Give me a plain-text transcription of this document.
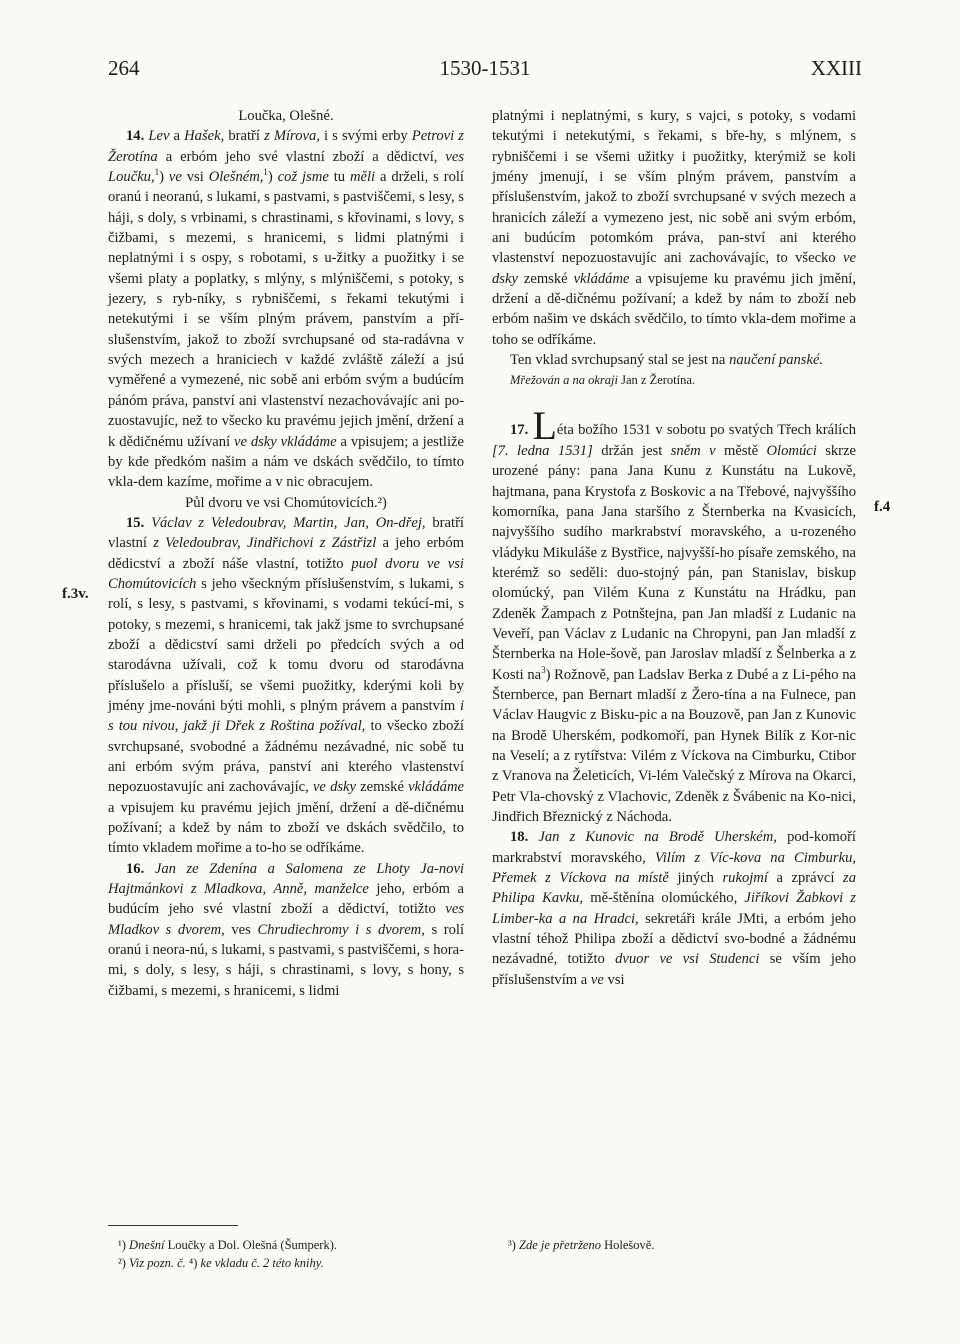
264	1530-1531	XXIII

Loučka, Olešné.

14. Lev a Hašek, bratří z Mírova, i s svými erby Petrovi z Žerotína a erbóm jeho své vlastní zboží a dědictví, ves Loučku,$^1$) ve vsi Olešném,$^1$) což jsme tu měli a drželi, s rolí oranú i neoranú, s lukami, s pastvami, s pastviščemi, s lesy, s háji, s doly, s vrbinami, s chrastinami, s křovinami, s lovy, s čižbami, s mezemi, s hranicemi, s lidmi platnými i neplatnými i s ospy, s robotami, s u-žitky a puožitky i se všemi platy a poplatky, s mlýny, s mlýniščemi, s potoky, s jezery, s ryb-níky, s rybniščemi, s řekami tekutými i netekutými i se vším plným právem, panstvím a pří-slušenstvím, jakož to zboží svrchupsané od sta-radávna v svých mezech a hraniciech v každé zvláště záleží a jsú vyměřené a vymezené, nic sobě ani erbóm svým a budúcím pánóm práva, panství ani vlastenství nezachovávajíc ani po-zuostavujíc, než to všecko ku pravému jejich jmění, držení a k dědičnému užívaní ve dsky vkládáme a vpisujem; a jestliže by kde předkóm našim a nám ve dskách svědčilo, to tímto vkla-dem kazíme, mořime a v nic obracujem.

Půl dvoru ve vsi Chomútovicích.²)

15. Václav z Veledoubrav, Martin, Jan, On-dřej, bratří vlastní z Veledoubrav, Jindřichovi z Zástřizl a jeho erbóm dědicství a zboží náše vlastní, totižto puol dvoru ve vsi Chomútovicích s jeho všeckným příslušenstvím, s lukami, s rolí, s lesy, s pastvami, s křovinami, s vodami tekúcí-mi, s potoky, s mezemi, s hranicemi, tak jakž jsme to svrchupsané zboží a dědicství sami drželi po předcích svých a od starodávna užívali, což k tomu dvoru od starodávna příslušelo a přísluší, se všemi puožitky, kderými koli by jmény jme-nováni býti mohli, s plným právem a panstvím i s tou nivou, jakž ji Dřek z Roština požíval, to všecko zboží svrchupsané, svobodné a žádnému nezávadné, nic sobě tu ani erbóm svým práva, panství ani kterého vlastenství nepozuostavujíc ani zachovávajíc, ve dsky zemské vkládáme a vpisujem ku pravému jejich jmění, držení a dě-dičnému požívaní; a kdež by nám to zboží ve dskách svědčilo, to tímto vkladem mořime a to-ho se odříkáme.

16. Jan ze Zdenína a Salomena ze Lhoty Ja-novi Hajtmánkovi z Mladkova, Anně, manželce jeho, erbóm a budúcím jeho své vlastní zboží a dědictví, totižto ves Mladkov s dvorem, ves Chrudiechromy i s dvorem, s rolí oranú i neora-nú, s lukami, s pastvami, s pastviščemi, s hora-mi, s doly, s lesy, s háji, s chrastinami, s lovy, s hony, s čižbami, s mezemi, s hranicemi, s lidmi

platnými i neplatnými, s kury, s vajci, s potoky, s vodami tekutými i netekutými, s řekami, s bře-hy, s mlýnem, s rybniščemi i se všemi užitky i puožitky, kterýmiž se koli jmény jmenují, i se vším plným právem, panstvím a příslušenstvím, jakož to zboží svrchupsané v svých mezech a hranicích záleží a vymezeno jest, nic sobě ani svým erbóm, ani budúcím potomkóm práva, pan-ství ani kterého vlastenství nepozuostavujíc ani zachovávajíc, to všecko ve dsky zemské vkládáme a vpisujeme ku pravému jich jmění, držení a dě-dičnému požívaní; a kdež by nám to zboží neb erbóm našim ve dskách svědčilo, to tímto vkla-dem mořime a toho se odříkáme.

Ten vklad svrchupsaný stal se jest na naučení panské.

Mřežován a na okraji Jan z Žerotína.

17. Léta božího 1531 v sobotu po svatých Třech králích [7. ledna 1531] držán jest sněm v městě Olomúci skrze urozené pány: pana Jana Kunu z Kunstátu na Lukově, hajtmana, pana Krystofa z Boskovic a na Třebové, najvyššího komorníka, pana Jana staršího z Šternberka na Kvasicích, najvyššího sudího markrabství moravského, a u-rozeného vládyku Mikuláše z Bystřice, najvyšší-ho písaře zemského, na kterémž so seděli: duo-stojný pán, pan Stanislav, biskup olomúcký, pan Vilém Kuna z Kunstátu na Hrádku, pan Zdeněk Žampach z Potnštejna, pan Jan mladší z Ludanic na Veveří, pan Václav z Ludanic na Chropyni, pan Jan mladší z Šternberka na Hole-šově, pan Jaroslav mladší z Šelnberka a z Kosti $na^3$) Rožnově, pan Ladslav Berka z Dubé a z Li-pého na Šternberce, pan Bernart mladší z Žero-tína a na Fulnece, pan Václav Haugvic z Bisku-pic a na Bouzově, pan Jan z Kunovic na Brodě Uherském, podkomoří, pan Hynek Bilík z Kor-nic na Veselí; a z rytířstva: Vilém z Víckova na Cimburku, Ctibor z Vranova na Želeticích, Vi-lém Valečský z Mírova na Okarci, Petr Vla-chovský z Vlachovic, Zdeněk z Švábenic na Ko-nici, Jindřich Březnický z Náchoda.

18. Jan z Kunovic na Brodě Uherském, pod-komoří markrabství moravského, Vilím z Víc-kova na Cimburku, Přemek z Víckova na místě jiných rukojmí a zprávcí za Philipa Kavku, mě-štěnína olomúckého, Jiříkovi Žabkovi z Limber-ka a na Hradci, sekretáři krále JMti, a erbóm jeho vlastní téhož Philipa zboží a dědictví svo-bodné a žádnému nezávadné, totižto dvuor ve vsi Studenci se vším jeho příslušenstvím a ve vsi

f.3v.
f.4
¹) Dnešní Loučky a Dol. Olešná (Šumperk).
²) Viz pozn. č. ⁴) ke vkladu č. 2 této knihy.
³) Zde je přetrženo Holešově.
